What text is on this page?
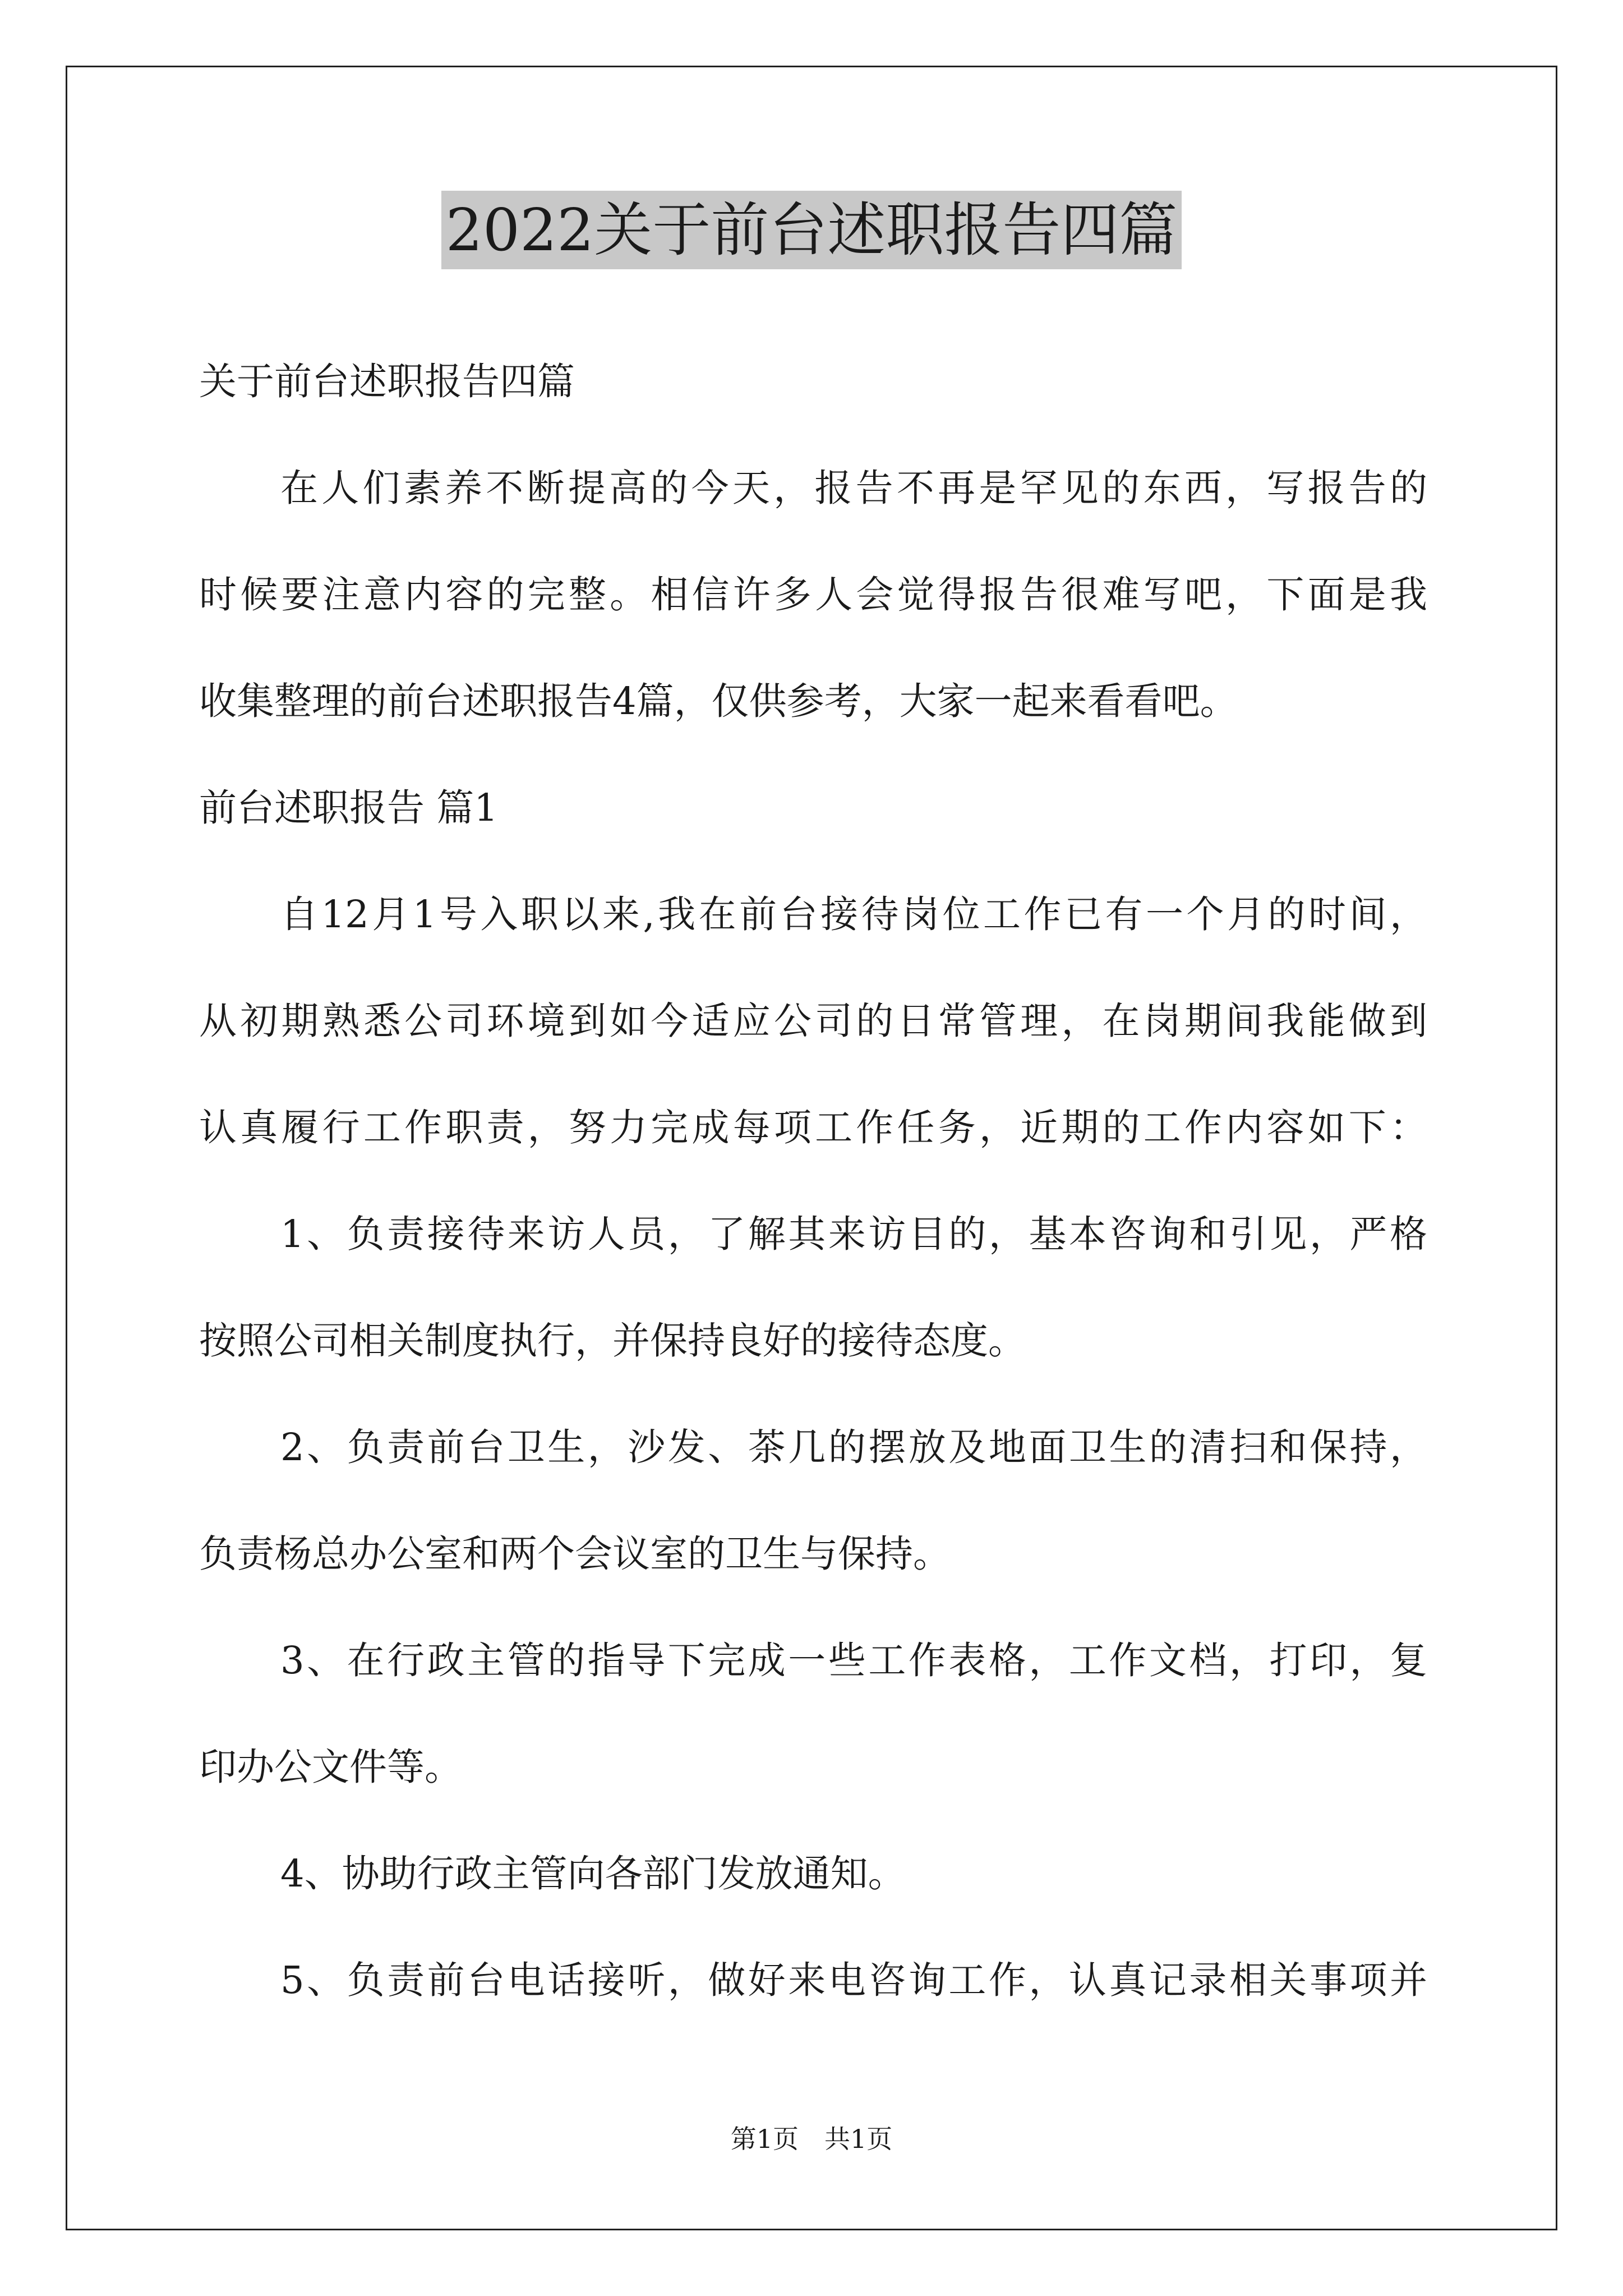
2022关于前台述职报告四篇
关于前台述职报告四篇
在人们素养不断提高的今天，报告不再是罕见的东西，写报告的
时候要注意内容的完整。相信许多人会觉得报告很难写吧，下面是我
收集整理的前台述职报告4篇，仅供参考，大家一起来看看吧。
前台述职报告 篇1
自12月1号入职以来,我在前台接待岗位工作已有一个月的时间，
从初期熟悉公司环境到如今适应公司的日常管理，在岗期间我能做到
认真履行工作职责，努力完成每项工作任务，近期的工作内容如下：
1、负责接待来访人员，了解其来访目的，基本咨询和引见，严格
按照公司相关制度执行，并保持良好的接待态度。
2、负责前台卫生，沙发、茶几的摆放及地面卫生的清扫和保持，
负责杨总办公室和两个会议室的卫生与保持。
3、在行政主管的指导下完成一些工作表格，工作文档，打印，复
印办公文件等。
4、协助行政主管向各部门发放通知。
5、负责前台电话接听，做好来电咨询工作，认真记录相关事项并
第1页 共1页
